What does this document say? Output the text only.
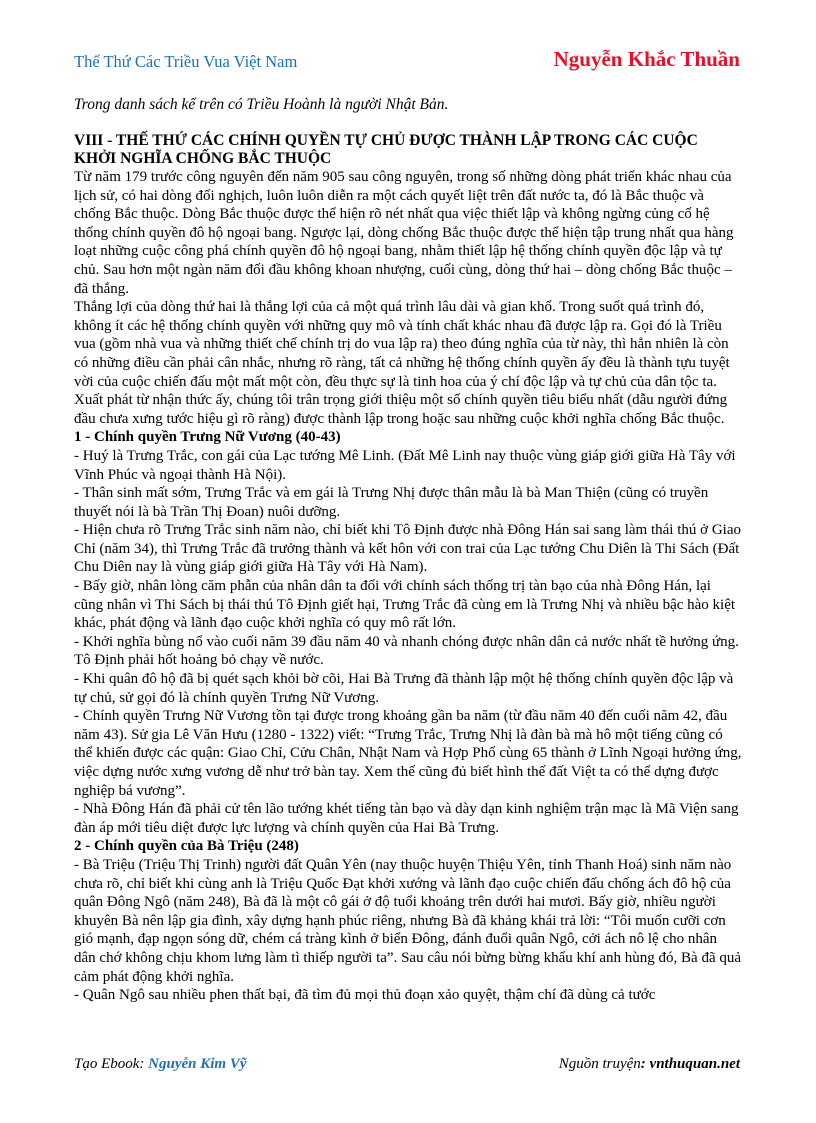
Thế Thứ Các Triều Vua Việt Nam	Nguyễn Khắc Thuần
Trong danh sách kể trên có Triều Hoành là người Nhật Bản.

VIII - THẾ THỨ CÁC CHÍNH QUYỀN TỰ CHỦ ĐƯỢC THÀNH LẬP TRONG CÁC CUỘC KHỞI NGHĨA CHỐNG BẮC THUỘC

Từ năm 179 trước công nguyên đến năm 905 sau công nguyên, trong số những dòng phát triển khác nhau của lịch sử, có hai dòng đối nghịch, luôn luôn diễn ra một cách quyết liệt trên đất nước ta, đó là Bắc thuộc và chống Bắc thuộc. Dòng Bắc thuộc được thể hiện rõ nét nhất qua việc thiết lập và không ngừng củng cố hệ thống chính quyền đô hộ ngoại bang. Ngược lại, dòng chống Bắc thuộc được thể hiện tập trung nhất qua hàng loạt những cuộc công phá chính quyền đô hộ ngoại bang, nhằm thiết lập hệ thống chính quyền độc lập và tự chủ. Sau hơn một ngàn năm đối đầu không khoan nhượng, cuối cùng, dòng thứ hai – dòng chống Bắc thuộc – đã thắng.

Thắng lợi của dòng thứ hai là thắng lợi của cả một quá trình lâu dài và gian khổ. Trong suốt quá trình đó, không ít các hệ thống chính quyền với những quy mô và tính chất khác nhau đã được lập ra. Gọi đó là Triều vua (gồm nhà vua và những thiết chế chính trị do vua lập ra) theo đúng nghĩa của từ này, thì hẳn nhiên là còn có những điều cần phải cân nhắc, nhưng rõ ràng, tất cả những hệ thống chính quyền ấy đều là thành tựu tuyệt vời của cuộc chiến đấu một mất một còn, đều thực sự là tinh hoa của ý chí độc lập và tự chủ của dân tộc ta. Xuất phát từ nhận thức ấy, chúng tôi trân trọng giới thiệu một số chính quyền tiêu biểu nhất (dẫu người đứng đầu chưa xưng tước hiệu gì rõ ràng) được thành lập trong hoặc sau những cuộc khởi nghĩa chống Bắc thuộc.

1 - Chính quyền Trưng Nữ Vương (40-43)

- Huý là Trưng Trắc, con gái của Lạc tướng Mê Linh. (Đất Mê Linh nay thuộc vùng giáp giới giữa Hà Tây với Vĩnh Phúc và ngoại thành Hà Nội).

- Thân sinh mất sớm, Trưng Trắc và em gái là Trưng Nhị được thân mẫu là bà Man Thiện (cũng có truyền thuyết nói là bà Trần Thị Đoan) nuôi dưỡng.

- Hiện chưa rõ Trưng Trắc sinh năm nào, chỉ biết khi Tô Định được nhà Đông Hán sai sang làm thái thú ở Giao Chỉ (năm 34), thì Trưng Trắc đã trưởng thành và kết hôn với con trai của Lạc tướng Chu Diên là Thi Sách (Đất Chu Diên nay là vùng giáp giới giữa Hà Tây với Hà Nam).

- Bấy giờ, nhân lòng căm phẫn của nhân dân ta đối với chính sách thống trị tàn bạo của nhà Đông Hán, lại cũng nhân vì Thi Sách bị thái thú Tô Định giết hại, Trưng Trắc đã cùng em là Trưng Nhị và nhiều bậc hào kiệt khác, phát động và lãnh đạo cuộc khởi nghĩa có quy mô rất lớn.

- Khởi nghĩa bùng nổ vào cuối năm 39 đầu năm 40 và nhanh chóng được nhân dân cả nước nhất tề hưởng ứng. Tô Định phải hốt hoảng bỏ chạy về nước.

- Khi quân đô hộ đã bị quét sạch khỏi bờ cõi, Hai Bà Trưng đã thành lập một hệ thống chính quyền độc lập và tự chủ, sử gọi đó là chính quyền Trưng Nữ Vương.

- Chính quyền Trưng Nữ Vương tồn tại được trong khoảng gần ba năm (từ đầu năm 40 đến cuối năm 42, đầu năm 43). Sử gia Lê Văn Hưu (1280 - 1322) viết: “Trưng Trắc, Trưng Nhị là đàn bà mà hô một tiếng cũng có thể khiến được các quận: Giao Chỉ, Cửu Chân, Nhật Nam và Hợp Phố cùng 65 thành ở Lĩnh Ngoại hưởng ứng, việc dựng nước xưng vương dễ như trở bàn tay. Xem thế cũng đủ biết hình thế đất Việt ta có thể dựng được nghiệp bá vương”.

- Nhà Đông Hán đã phải cử tên lão tướng khét tiếng tàn bạo và dày dạn kinh nghiệm trận mạc là Mã Viện sang đàn áp mới tiêu diệt được lực lượng và chính quyền của Hai Bà Trưng.

2 - Chính quyền của Bà Triệu (248)

- Bà Triệu (Triệu Thị Trinh) người đất Quân Yên (nay thuộc huyện Thiệu Yên, tỉnh Thanh Hoá) sinh năm nào chưa rõ, chỉ biết khi cùng anh là Triệu Quốc Đạt khởi xướng và lãnh đạo cuộc chiến đấu chống ách đô hộ của quân Đông Ngô (năm 248), Bà đã là một cô gái ở độ tuổi khoảng trên dưới hai mươi. Bấy giờ, nhiều người khuyên Bà nên lập gia đình, xây dựng hạnh phúc riêng, nhưng Bà đã khảng khái trả lời: “Tôi muốn cưỡi cơn gió mạnh, đạp ngọn sóng dữ, chém cá tràng kình ở biển Đông, đánh đuổi quân Ngô, cởi ách nô lệ cho nhân dân chớ không chịu khom lưng làm tì thiếp người ta”. Sau câu nói bừng bừng khẩu khí anh hùng đó, Bà đã quả cảm phát động khởi nghĩa.

- Quân Ngô sau nhiều phen thất bại, đã tìm đủ mọi thủ đoạn xảo quyệt, thậm chí đã dùng cả tước

Tạo Ebook: Nguyễn Kim Vỹ	Nguồn truyện: vnthuquan.net
